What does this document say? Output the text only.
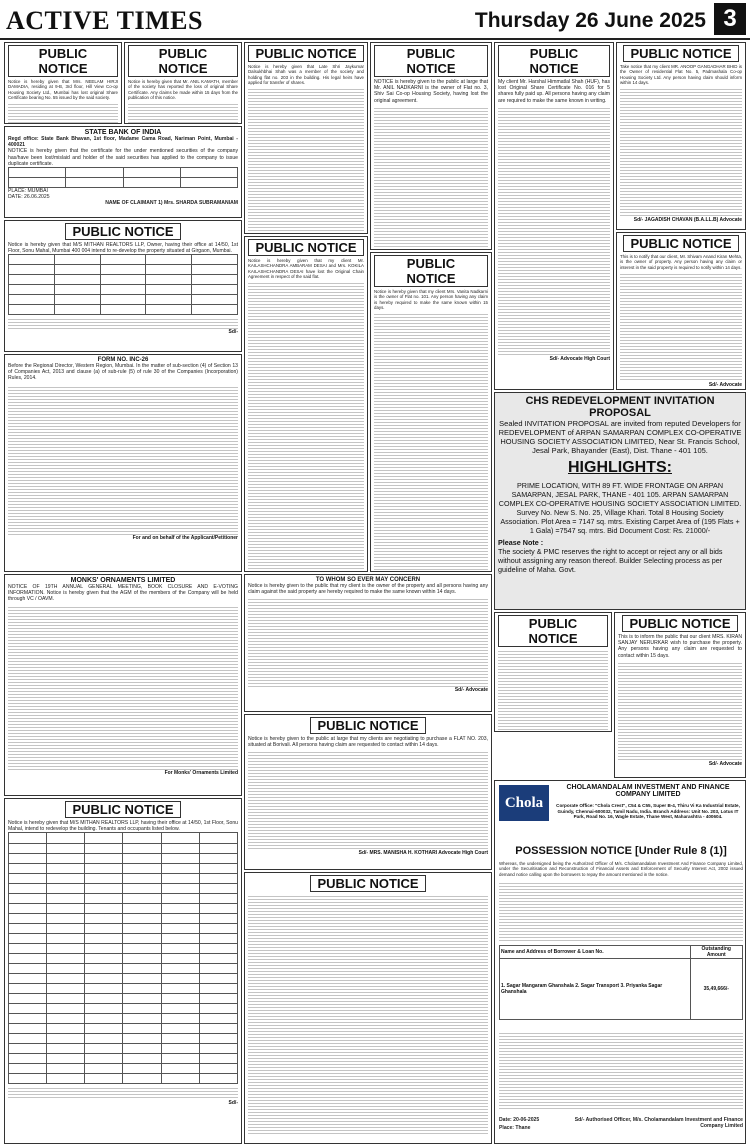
ACTIVE TIMES	Thursday 26 June 2025 3
PUBLIC NOTICE
Notice is hereby given that Mrs. NEELAM HIRJI DAMADIA, residing at 9-B, 3rd floor, Hill View Co-op Housing Society Ltd., Mumbai has lost original Share Certificate bearing No. 55 issued by the said society.
PUBLIC NOTICE
Notice is hereby given that Mr. ANIL KAMATH, member of the society has reported the loss of original Share Certificate. Any claims be made within 15 days from the publication of this notice.
STATE BANK OF INDIA
Regd office: State Bank Bhavan, 1st floor, Madame Cama Road, Nariman Point, Mumbai - 400021
NOTICE is hereby given that the certificate for the under mentioned securities of the company has/have been lost/mislaid and holder of the said securities has applied to the company to issue duplicate certificate.

PLACE: MUMBAI
DATE: 26.06.2025
NAME OF CLAIMANT 1) Mrs. SHARDA SUBRAMANIAM
PUBLIC NOTICE
Notice is hereby given that M/S MITHAN REALTORS LLP, Owner, having their office at 14/50, 1st Floor, Sonu Mahal, Mumbai 400 004 intend to re-develop the property situated at Girgaon, Mumbai.

Sd/-
FORM NO. INC-26
Before the Regional Director, Western Region, Mumbai. In the matter of sub-section (4) of Section 13 of Companies Act, 2013 and clause (a) of sub-rule (5) of rule 30 of the Companies (Incorporation) Rules, 2014.
For and on behalf of the Applicant/Petitioner
PUBLIC NOTICE
Notice is hereby given that Late Shri Jaykumar Dalsukhbhai Shah was a member of the society and holding flat no. 203 in the building. His legal heirs have applied for transfer of shares.
PUBLIC NOTICE
Notice is hereby given that my client Mr. KAILASHCHANDRA AMBARAM DESAI and Mrs. KOKILA KAILASHCHANDRA DESAI have lost the Original Chain Agreement in respect of the said flat.
PUBLIC NOTICE
NOTICE is hereby given to the public at large that Mr. ANIL NADKARNI is the owner of Flat no. 3, Shiv Sai Co-op Housing Society, having lost the original agreement.
PUBLIC NOTICE
Notice is hereby given that my client Mrs. Vanita Nadkarni is the owner of Flat no. 101. Any person having any claim is hereby required to make the same known within 15 days.
PUBLIC NOTICE
My client Mr. Harshal Himmatlal Shah (HUF), has lost Original Share Certificate No. 016 for 5 shares fully paid up. All persons having any claim are required to make the same known in writing.
Sd/- Advocate High Court
PUBLIC NOTICE
Take notice that my client MR. ANOOP GANGADHAR BHID is the Owner of residential Flat No. 5, Padmashala Co-op Housing Society Ltd. Any person having claim should inform within 14 days.
Sd/- JAGADISH CHAVAN (B.A.LL.B) Advocate
PUBLIC NOTICE
This is to notify that our client, Mr. Shivam Anand Kiran Mehta, is the owner of property. Any person having any claim or interest in the said property is required to notify within 14 days.
Sd/- Advocate
CHS REDEVELOPMENT INVITATION PROPOSAL
Sealed INVITATION PROPOSAL are invited from reputed Developers for REDEVELOPMENT of ARPAN SAMARPAN COMPLEX CO-OPERATIVE HOUSING SOCIETY ASSOCIATION LIMITED, Near St. Francis School, Jesal Park, Bhayander (East), Dist. Thane - 401 105.
HIGHLIGHTS:
PRIME LOCATION, WITH 89 FT. WIDE FRONTAGE ON ARPAN SAMARPAN, JESAL PARK, THANE - 401 105. ARPAN SAMARPAN COMPLEX CO-OPERATIVE HOUSING SOCIETY ASSOCIATION LIMITED. Survey No. New S. No. 25, Village Khari. Total 8 Housing Society Association. Plot Area = 7147 sq. mtrs. Existing Carpet Area of (195 Flats + 1 Gala) =7547 sq. mtrs. Bid Document Cost: Rs. 21000/-
Please Note :
The society & PMC reserves the right to accept or reject any or all bids without assigning any reason thereof. Builder Selecting process as per guideline of Maha. Govt.
MONKS' ORNAMENTS LIMITED
NOTICE OF 19TH ANNUAL GENERAL MEETING, BOOK CLOSURE AND E-VOTING INFORMATION. Notice is hereby given that the AGM of the members of the Company will be held through VC / OAVM.
For Monks' Ornaments Limited
TO WHOM SO EVER MAY CONCERN
Notice is hereby given to the public that my client is the owner of the property and all persons having any claim against the said property are hereby required to make the same known within 14 days.
Sd/- Advocate
PUBLIC NOTICE
PUBLIC NOTICE
This is to inform the public that our client MRS. KIRAN SANJAY NERURKAR wish to purchase the property. Any persons having any claim are requested to contact within 15 days.
Sd/- Advocate
PUBLIC NOTICE
Notice is hereby given to the public at large that my clients are negotiating to purchase a FLAT NO. 203, situated at Borivali. All persons having claim are requested to contact within 14 days.
Sd/- MRS. MANISHA H. KOTHARI Advocate High Court
PUBLIC NOTICE
Notice is hereby given that M/S MITHAN REALTORS LLP, having their office at 14/50, 1st Floor, Sonu Mahal, intend to redevelop the building. Tenants and occupants listed below.

Sd/-
Chola
CHOLAMANDALAM INVESTMENT AND FINANCE COMPANY LIMITED
Corporate Office: "Chola Crest", C54 & C55, Super B-4, Thiru Vi Ka Industrial Estate, Guindy, Chennai-600032, Tamil Nadu, India. Branch Address: Unit No. 203, Lotus IT Park, Road No. 16, Wagle Estate, Thane West, Maharashtra - 400604.
POSSESSION NOTICE [Under Rule 8 (1)]
Whereas, the undersigned being the Authorized Officer of M/s. Cholamandalam Investment And Finance Company Limited, under the Securitisation and Reconstruction of Financial Assets and Enforcement of Security Interest Act, 2002 issued demand notice calling upon the borrowers to repay the amount mentioned in the notice.
Name and Address of Borrower & Loan No.	Outstanding Amount
1. Sagar Mangaram Ghanshala 2. Sagar Transport 3. Priyanka Sagar Ghanshala	35,49,666/-
Date: 20-06-2025
Place: Thane
Sd/- Authorised Officer, M/s. Cholamandalam Investment and Finance Company Limited
PUBLIC NOTICE
